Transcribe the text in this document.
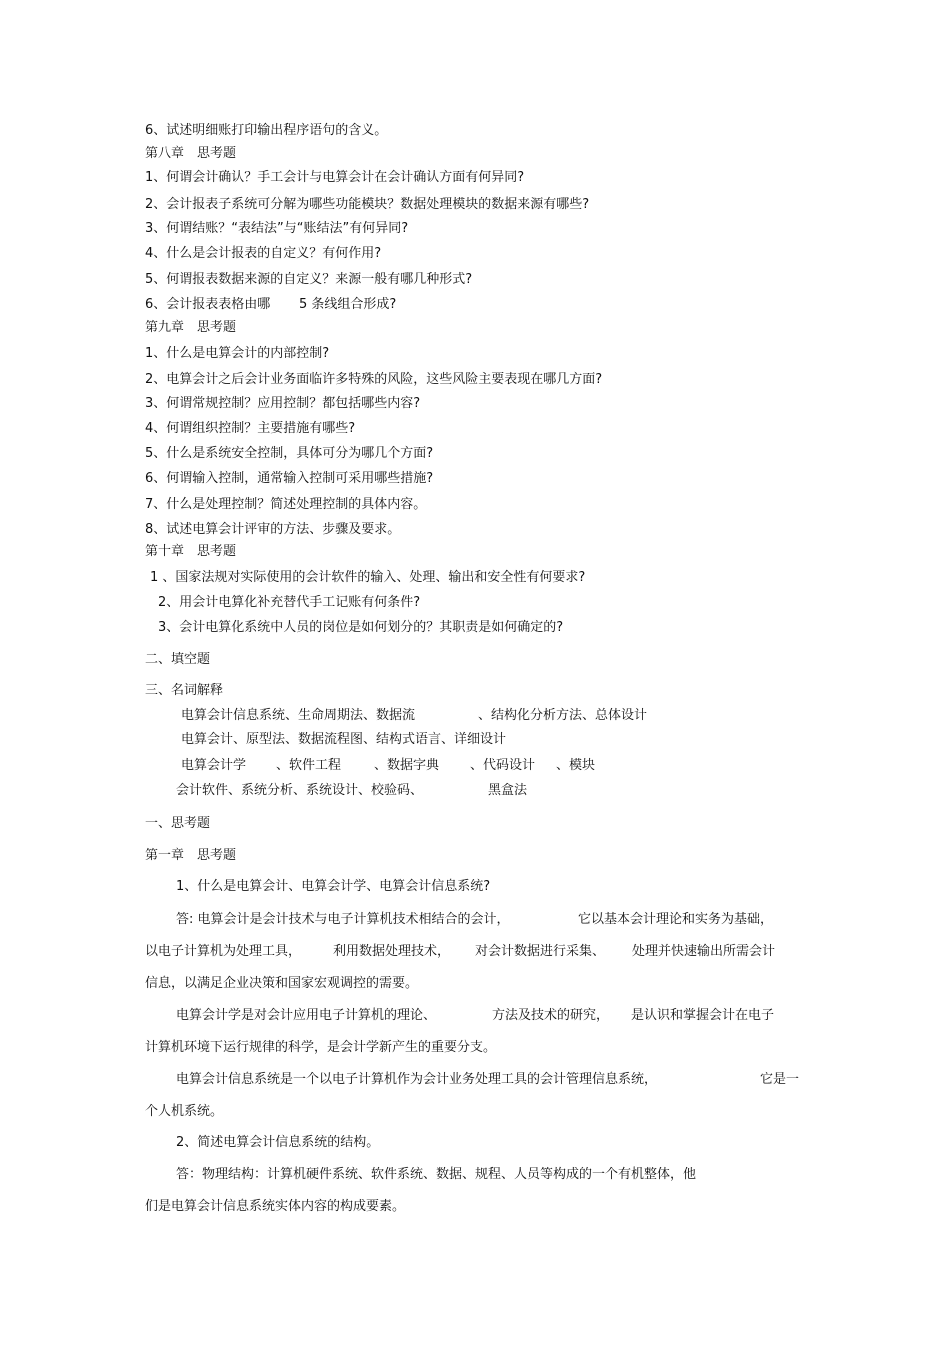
6、试述明细账打印输出程序语句的含义。
第八章　思考题
1、何谓会计确认？手工会计与电算会计在会计确认方面有何异同?
2、会计报表子系统可分解为哪些功能模块？数据处理模块的数据来源有哪些?
3、何谓结账？“表结法”与“账结法”有何异同?
4、什么是会计报表的自定义？有何作用?
5、何谓报表数据来源的自定义？来源一般有哪几种形式?
6、会计报表表格由哪 5 条线组合形成?
第九章　思考题
1、什么是电算会计的内部控制?
2、电算会计之后会计业务面临许多特殊的风险，这些风险主要表现在哪几方面?
3、何谓常规控制？应用控制？都包括哪些内容?
4、何谓组织控制？主要措施有哪些?
5、什么是系统安全控制，具体可分为哪几个方面?
6、何谓输入控制，通常输入控制可采用哪些措施?
7、什么是处理控制？简述处理控制的具体内容。
8、试述电算会计评审的方法、步骤及要求。
第十章　思考题
1 、国家法规对实际使用的会计软件的输入、处理、输出和安全性有何要求?
2、用会计电算化补充替代手工记账有何条件?
3、会计电算化系统中人员的岗位是如何划分的？其职责是如何确定的?
二、填空题
三、名词解释
电算会计信息系统、生命周期法、数据流	、结构化分析方法、总体设计
电算会计、原型法、数据流程图、结构式语言、详细设计
电算会计学 、软件工程	、数据字典 、代码设计 、模块
会计软件、系统分析、系统设计、校验码、	黑盒法
一、思考题
第一章　思考题
1、什么是电算会计、电算会计学、电算会计信息系统?
答: 电算会计是会计技术与电子计算机技术相结合的会计，	它以基本会计理论和实务为基础，
以电子计算机为处理工具， 利用数据处理技术， 对会计数据进行采集、 处理并快速输出所需会计
信息，以满足企业决策和国家宏观调控的需要。
电算会计学是对会计应用电子计算机的理论、	方法及技术的研究， 是认识和掌握会计在电子
计算机环境下运行规律的科学，是会计学新产生的重要分支。
电算会计信息系统是一个以电子计算机作为会计业务处理工具的会计管理信息系统，	它是一
个人机系统。
2、简述电算会计信息系统的结构。
答：物理结构：计算机硬件系统、软件系统、数据、规程、人员等构成的一个有机整体，他
们是电算会计信息系统实体内容的构成要素。
